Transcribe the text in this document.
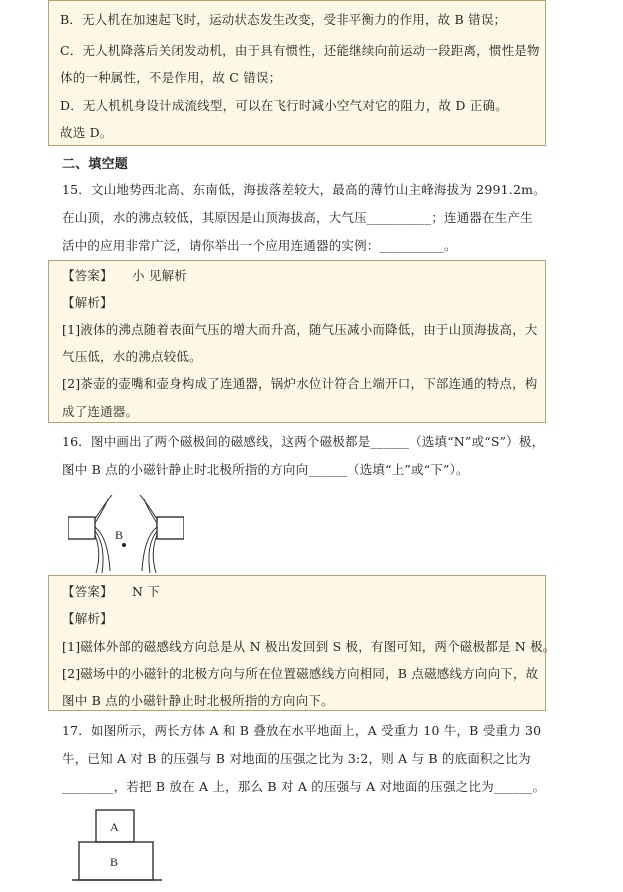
B．无人机在加速起飞时，运动状态发生改变，受非平衡力的作用，故 B 错误；
C．无人机降落后关闭发动机，由于具有惯性，还能继续向前运动一段距离，惯性是物
体的一种属性，不是作用，故 C 错误；
D．无人机机身设计成流线型，可以在飞行时减小空气对它的阻力，故 D 正确。
故选 D。
二、填空题
15．文山地势西北高、东南低，海拔落差较大，最高的薄竹山主峰海拔为 2991.2m。
在山顶，水的沸点较低，其原因是山顶海拔高，大气压__________；连通器在生产生
活中的应用非常广泛，请你举出一个应用连通器的实例：__________。
【答案】 小 见解析
【解析】
[1]液体的沸点随着表面气压的增大而升高，随气压减小而降低，由于山顶海拔高，大
气压低，水的沸点较低。
[2]茶壶的壶嘴和壶身构成了连通器，锅炉水位计符合上端开口，下部连通的特点，构
成了连通器。
16．图中画出了两个磁极间的磁感线，这两个磁极都是______（选填“N”或“S”）极，
图中 B 点的小磁针静止时北极所指的方向向______（选填“上”或“下”）。
B
【答案】 N 下
【解析】
[1]磁体外部的磁感线方向总是从 N 极出发回到 S 极，有图可知，两个磁极都是 N 极。
[2]磁场中的小磁针的北极方向与所在位置磁感线方向相同，B 点磁感线方向向下，故
图中 B 点的小磁针静止时北极所指的方向向下。
17．如图所示，两长方体 A 和 B 叠放在水平地面上，A 受重力 10 牛，B 受重力 30
牛，已知 A 对 B 的压强与 B 对地面的压强之比为 3:2，则 A 与 B 的底面积之比为
________，若把 B 放在 A 上，那么 B 对 A 的压强与 A 对地面的压强之比为______。
A
B
